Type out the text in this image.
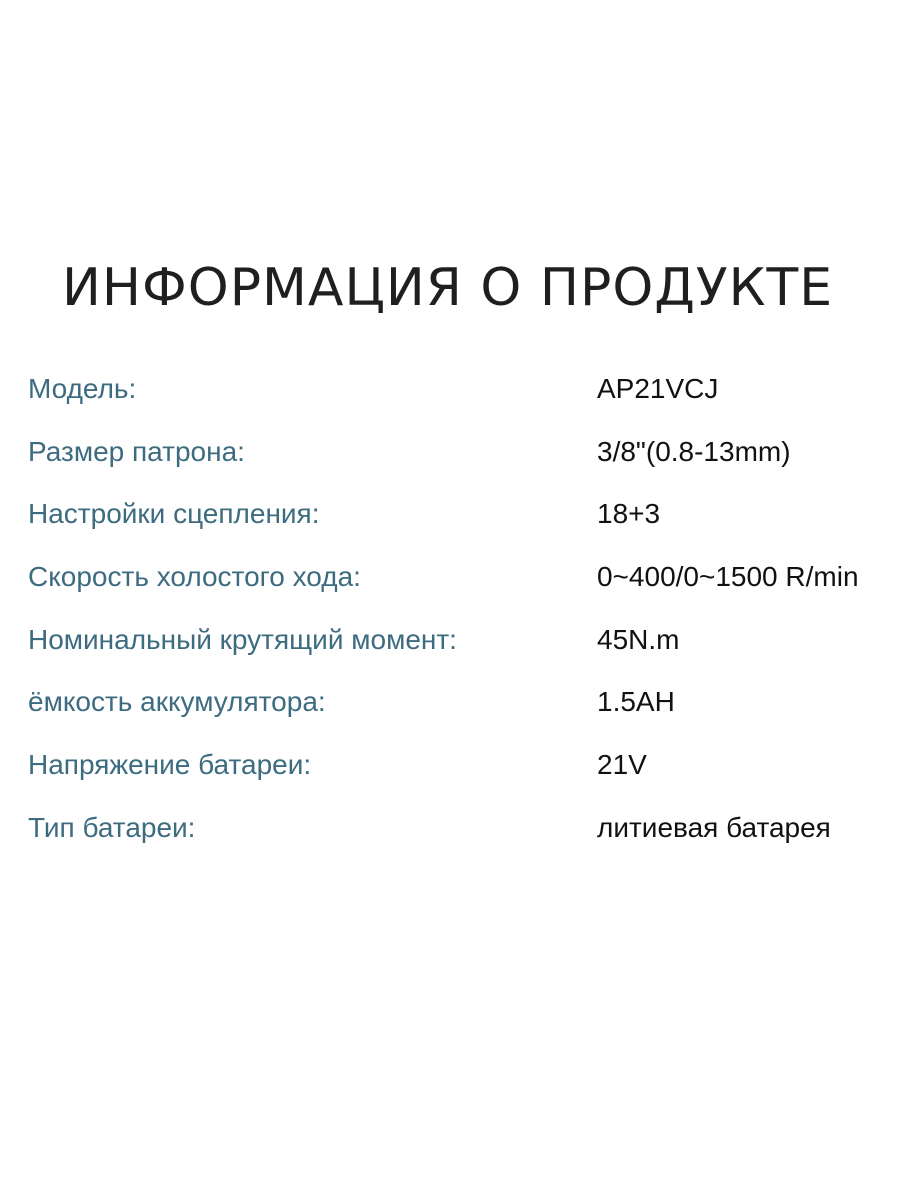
ИНФОРМАЦИЯ О ПРОДУКТЕ
Модель:	AP21VCJ
Размер патрона:	3/8"(0.8-13mm)
Настройки сцепления:	18+3
Скорость холостого хода:	0~400/0~1500 R/min
Номинальный крутящий момент:	45N.m
ёмкость аккумулятора:	1.5AH
Напряжение батареи:	21V
Тип батареи:	литиевая батарея
